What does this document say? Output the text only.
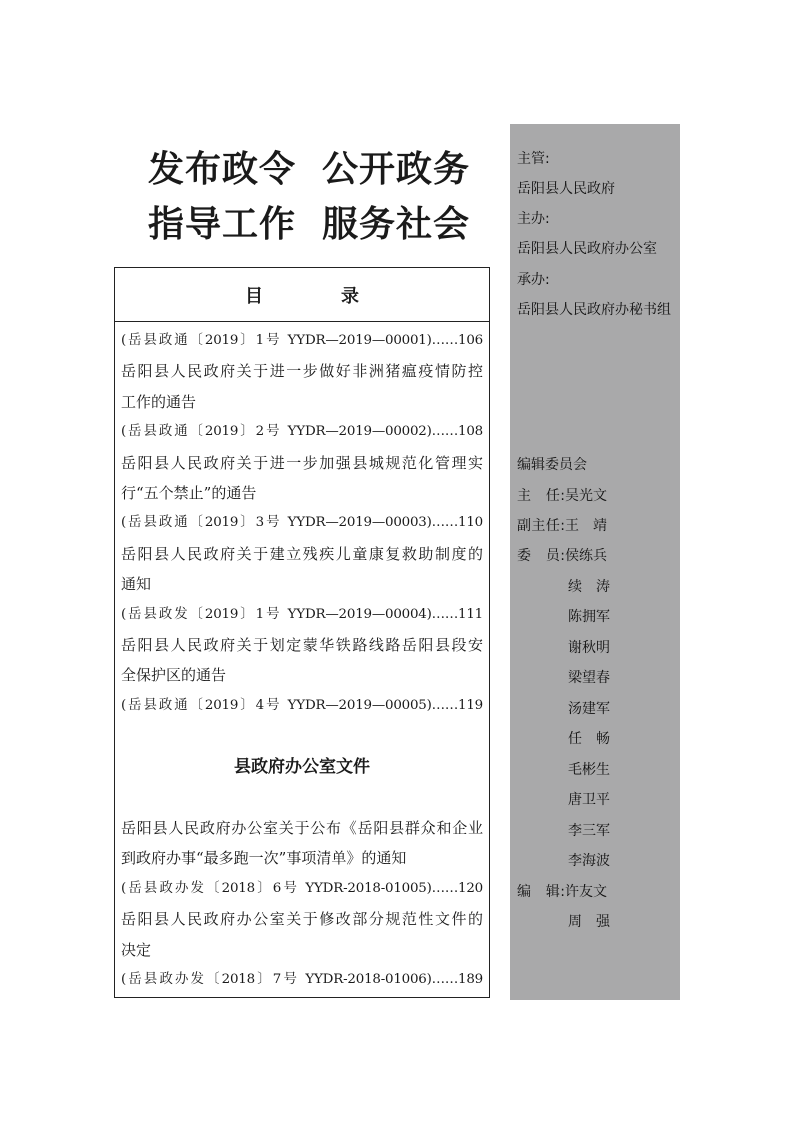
发布政令 公开政务
指导工作 服务社会
目　录
(岳县政通〔2019〕1号 YYDR—2019—00001)……106
岳阳县人民政府关于进一步做好非洲猪瘟疫情防控
工作的通告
(岳县政通〔2019〕2号 YYDR—2019—00002)……108
岳阳县人民政府关于进一步加强县城规范化管理实
行“五个禁止”的通告
(岳县政通〔2019〕3号 YYDR—2019—00003)……110
岳阳县人民政府关于建立残疾儿童康复救助制度的
通知
(岳县政发〔2019〕1号 YYDR—2019—00004)……111
岳阳县人民政府关于划定蒙华铁路线路岳阳县段安
全保护区的通告
(岳县政通〔2019〕4号 YYDR—2019—00005)……119
县政府办公室文件
岳阳县人民政府办公室关于公布《岳阳县群众和企业
到政府办事“最多跑一次”事项清单》的通知
(岳县政办发〔2018〕6号 YYDR-2018-01005)……120
岳阳县人民政府办公室关于修改部分规范性文件的
决定
(岳县政办发〔2018〕7号 YYDR-2018-01006)……189
主管:
岳阳县人民政府
主办:
岳阳县人民政府办公室
承办:
岳阳县人民政府办秘书组
编辑委员会
主　任:吴光文
副主任:王　靖
委　员:侯练兵
续　涛
陈拥军
谢秋明
梁望春
汤建军
任　畅
毛彬生
唐卫平
李三军
李海波
编　辑:许友文
周　强
